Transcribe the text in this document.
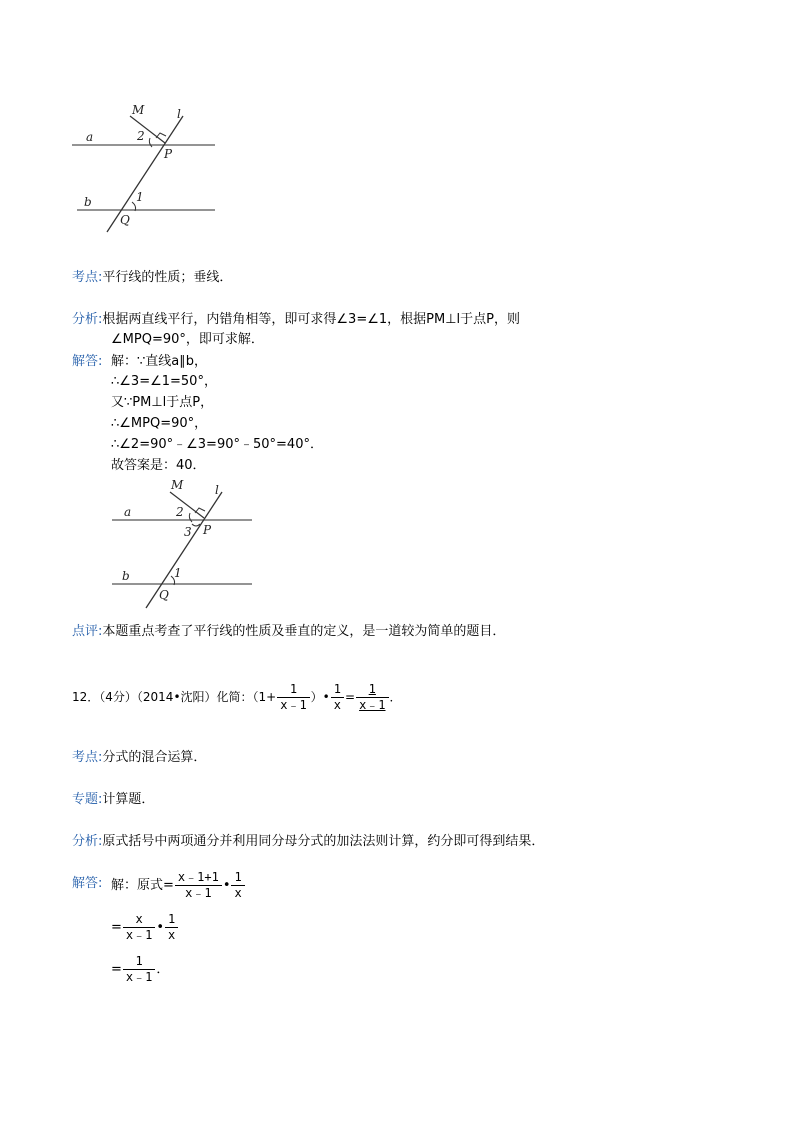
M	l
a	2
P
b	1
Q
考点:平行线的性质；垂线．
分析:根据两直线平行，内错角相等，即可求得∠3=∠1，根据PM⊥l于点P，则
∠MPQ=90°，即可求解．
解答: 解：∵直线a∥b，
∴∠3=∠1=50°，
又∵PM⊥l于点P，
∴∠MPQ=90°，
∴∠2=90°﹣∠3=90°﹣50°=40°．
故答案是：40．
M	l
a	2
3 P
b	1
Q
点评:本题重点考查了平行线的性质及垂直的定义，是一道较为简单的题目．
12．（4分）（2014•沈阳）化简：（$1+ \frac{1}{x﹣1}$ ）• $\frac{1}{x} = \frac{1}{x﹣1}$ ．
考点:分式的混合运算．
专题:计算题．
分析:原式括号中两项通分并利用同分母分式的加法法则计算，约分即可得到结果．
解答: 解：原式= $\frac{x﹣1+1}{x﹣1}$ • $\frac{1}{x}$
= $\frac{x}{x﹣1}$ • $\frac{1}{x}$
= $\frac{1}{x﹣1}$ ．
